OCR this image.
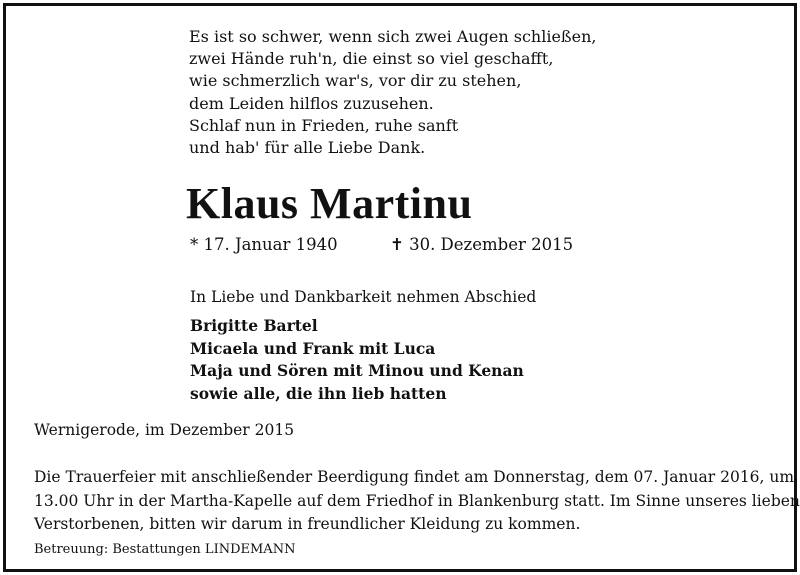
Es ist so schwer, wenn sich zwei Augen schließen,
zwei Hände ruh'n, die einst so viel geschafft,
wie schmerzlich war's, vor dir zu stehen,
dem Leiden hilflos zuzusehen.
Schlaf nun in Frieden, ruhe sanft
und hab' für alle Liebe Dank.
Klaus Martinu
* 17. Januar 1940	✝ 30. Dezember 2015
In Liebe und Dankbarkeit nehmen Abschied
Brigitte Bartel
Micaela und Frank mit Luca
Maja und Sören mit Minou und Kenan
sowie alle, die ihn lieb hatten
Wernigerode, im Dezember 2015
Die Trauerfeier mit anschließender Beerdigung findet am Donnerstag, dem 07. Januar 2016, um
13.00 Uhr in der Martha-Kapelle auf dem Friedhof in Blankenburg statt. Im Sinne unseres lieben
Verstorbenen, bitten wir darum in freundlicher Kleidung zu kommen.
Betreuung: Bestattungen LINDEMANN
